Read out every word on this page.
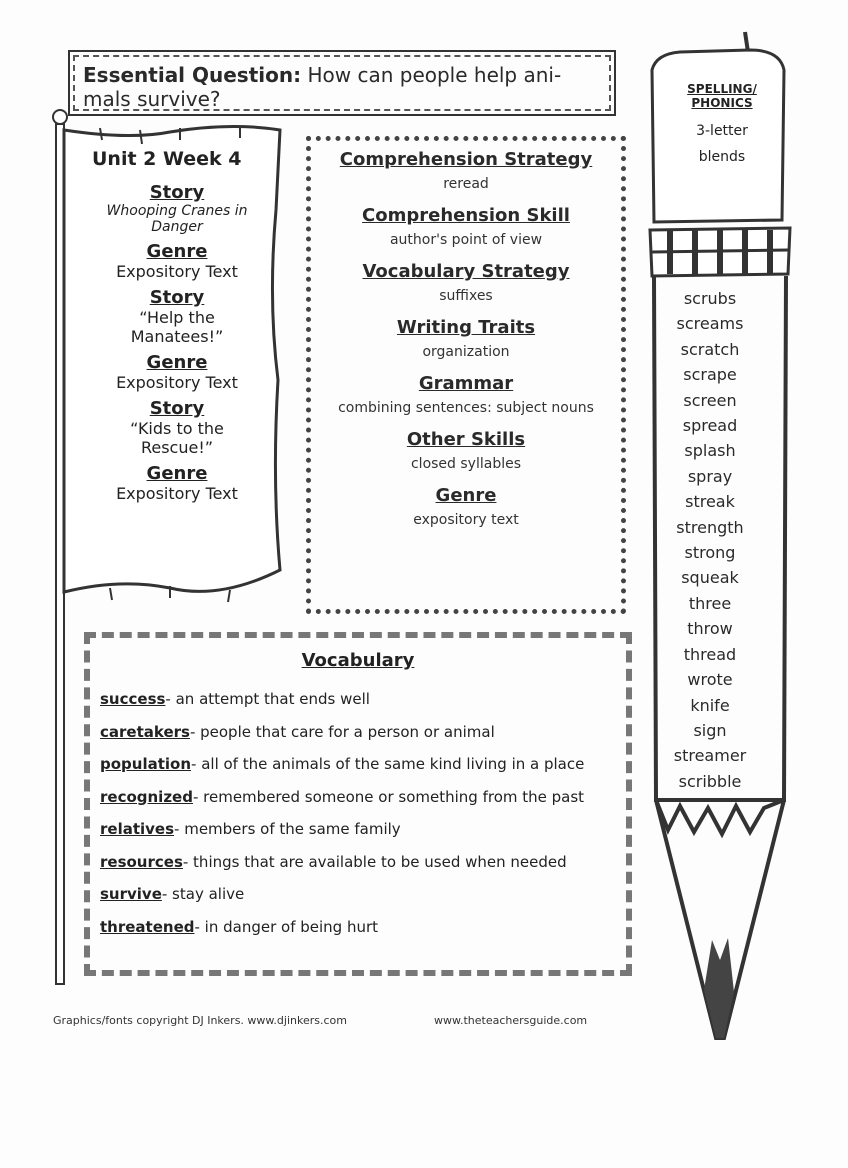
Essential Question: How can people help ani-
mals survive?
Unit 2 Week 4
Story
Whooping Cranes in Danger
Genre
Expository Text
Story
“Help the Manatees!”
Genre
Expository Text
Story
“Kids to the Rescue!”
Genre
Expository Text
Comprehension Strategy
reread
Comprehension Skill
author's point of view
Vocabulary Strategy
suffixes
Writing Traits
organization
Grammar
combining sentences: subject nouns
Other Skills
closed syllables
Genre
expository text
Vocabulary
success- an attempt that ends well
caretakers- people that care for a person or animal
population- all of the animals of the same kind living in a place
recognized- remembered someone or something from the past
relatives- members of the same family
resources- things that are available to be used when needed
survive- stay alive
threatened- in danger of being hurt
SPELLING/
PHONICS
3-letter
blends
scrubs
screams
scratch
scrape
screen
spread
splash
spray
streak
strength
strong
squeak
three
throw
thread
wrote
knife
sign
streamer
scribble
Graphics/fonts copyright DJ Inkers. www.djinkers.com	www.theteachersguide.com
